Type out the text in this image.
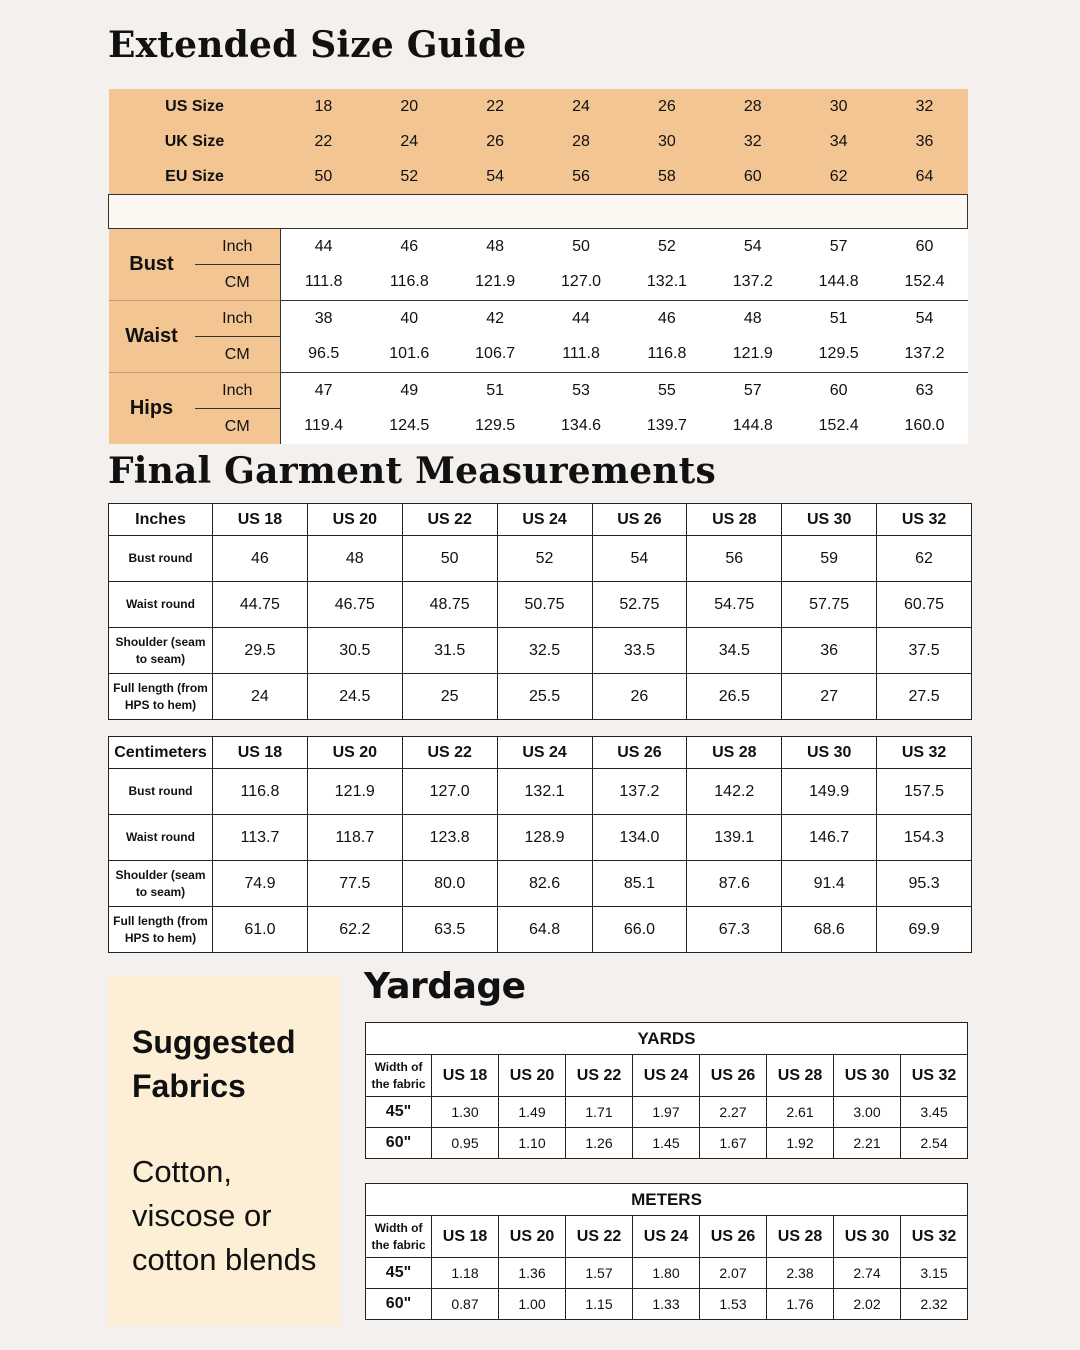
Extended Size Guide
US Size		18	20	22	24	26	28	30	32
UK Size		22	24	26	28	30	32	34	36
EU Size		50	52	54	56	58	60	62	64

Bust	Inch	44	46	48	50	52	54	57	60
	CM	111.8	116.8	121.9	127.0	132.1	137.2	144.8	152.4
Waist	Inch	38	40	42	44	46	48	51	54
	CM	96.5	101.6	106.7	111.8	116.8	121.9	129.5	137.2
Hips	Inch	47	49	51	53	55	57	60	63
	CM	119.4	124.5	129.5	134.6	139.7	144.8	152.4	160.0
Final Garment Measurements
Inches	US 18	US 20	US 22	US 24	US 26	US 28	US 30	US 32
Bust round	46	48	50	52	54	56	59	62
Waist round	44.75	46.75	48.75	50.75	52.75	54.75	57.75	60.75
Shoulder (seam to seam)	29.5	30.5	31.5	32.5	33.5	34.5	36	37.5
Full length (from HPS to hem)	24	24.5	25	25.5	26	26.5	27	27.5
Centimeters	US 18	US 20	US 22	US 24	US 26	US 28	US 30	US 32
Bust round	116.8	121.9	127.0	132.1	137.2	142.2	149.9	157.5
Waist round	113.7	118.7	123.8	128.9	134.0	139.1	146.7	154.3
Shoulder (seam to seam)	74.9	77.5	80.0	82.6	85.1	87.6	91.4	95.3
Full length (from HPS to hem)	61.0	62.2	63.5	64.8	66.0	67.3	68.6	69.9
Suggested Fabrics
Cotton, viscose or cotton blends
Yardage
YARDS								
Width of the fabric	US 18	US 20	US 22	US 24	US 26	US 28	US 30	US 32
45"	1.30	1.49	1.71	1.97	2.27	2.61	3.00	3.45
60"	0.95	1.10	1.26	1.45	1.67	1.92	2.21	2.54
METERS								
Width of the fabric	US 18	US 20	US 22	US 24	US 26	US 28	US 30	US 32
45"	1.18	1.36	1.57	1.80	2.07	2.38	2.74	3.15
60"	0.87	1.00	1.15	1.33	1.53	1.76	2.02	2.32
